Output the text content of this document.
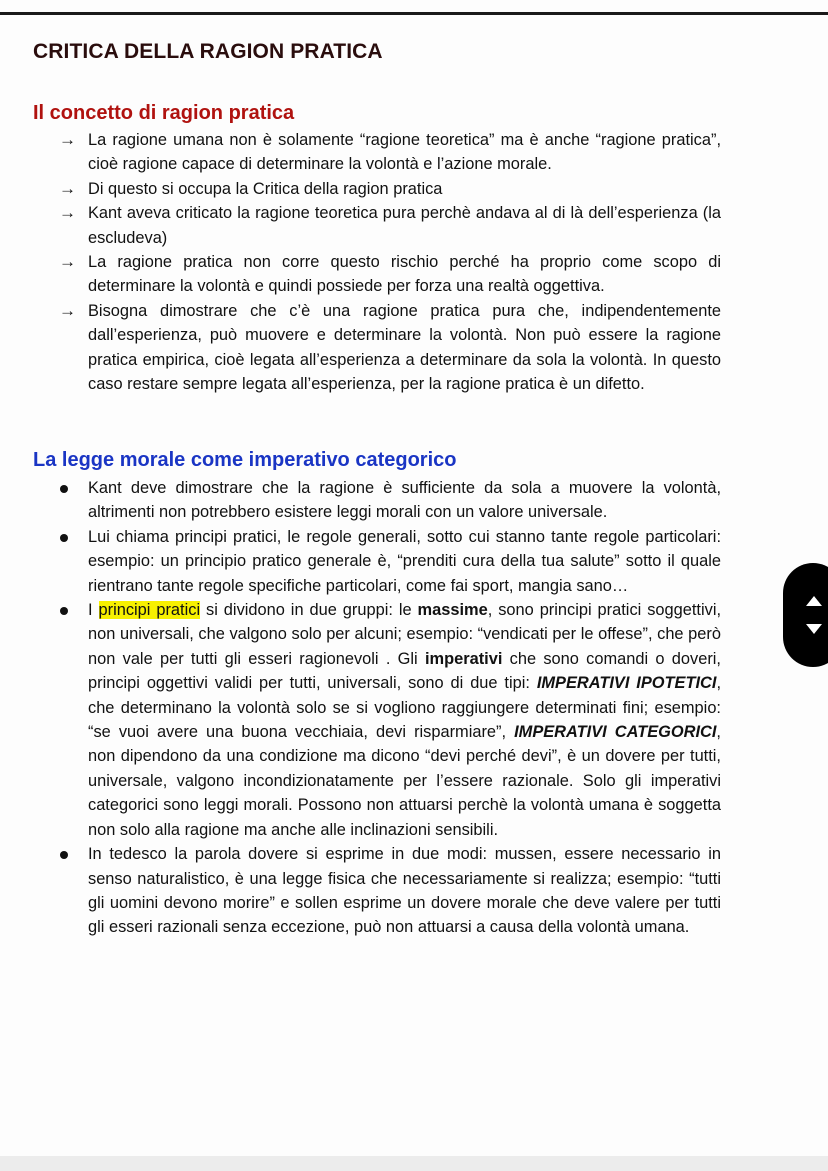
CRITICA DELLA RAGION PRATICA
Il concetto di ragion pratica
→ La ragione umana non è solamente “ragione teoretica” ma è anche “ragione pratica”, cioè ragione capace di determinare la volontà e l’azione morale.
→ Di questo si occupa la Critica della ragion pratica
→ Kant aveva criticato la ragione teoretica pura perchè andava al di là dell’esperienza (la escludeva)
→ La ragione pratica non corre questo rischio perché ha proprio come scopo di determinare la volontà e quindi possiede per forza una realtà oggettiva.
→ Bisogna dimostrare che c’è una ragione pratica pura che, indipendentemente dall’esperienza, può muovere e determinare la volontà. Non può essere la ragione pratica empirica, cioè legata all’esperienza a determinare da sola la volontà. In questo caso restare sempre legata all’esperienza, per la ragione pratica è un difetto.
La legge morale come imperativo categorico
Kant deve dimostrare che la ragione è sufficiente da sola a muovere la volontà, altrimenti non potrebbero esistere leggi morali con un valore universale.
Lui chiama principi pratici, le regole generali, sotto cui stanno tante regole particolari: esempio: un principio pratico generale è, “prenditi cura della tua salute” sotto il quale rientrano tante regole specifiche particolari, come fai sport, mangia sano…
I principi pratici si dividono in due gruppi: le massime, sono principi pratici soggettivi, non universali, che valgono solo per alcuni; esempio: “vendicati per le offese”, che però non vale per tutti gli esseri ragionevoli . Gli imperativi che sono comandi o doveri, principi oggettivi validi per tutti, universali, sono di due tipi: IMPERATIVI IPOTETICI, che determinano la volontà solo se si vogliono raggiungere determinati fini; esempio: “se vuoi avere una buona vecchiaia, devi risparmiare”, IMPERATIVI CATEGORICI, non dipendono da una condizione ma dicono “devi perché devi”, è un dovere per tutti, universale, valgono incondizionatamente per l’essere razionale. Solo gli imperativi categorici sono leggi morali. Possono non attuarsi perchè la volontà umana è soggetta non solo alla ragione ma anche alle inclinazioni sensibili.
In tedesco la parola dovere si esprime in due modi: mussen, essere necessario in senso naturalistico, è una legge fisica che necessariamente si realizza; esempio: “tutti gli uomini devono morire” e sollen esprime un dovere morale che deve valere per tutti gli esseri razionali senza eccezione, può non attuarsi a causa della volontà umana.
